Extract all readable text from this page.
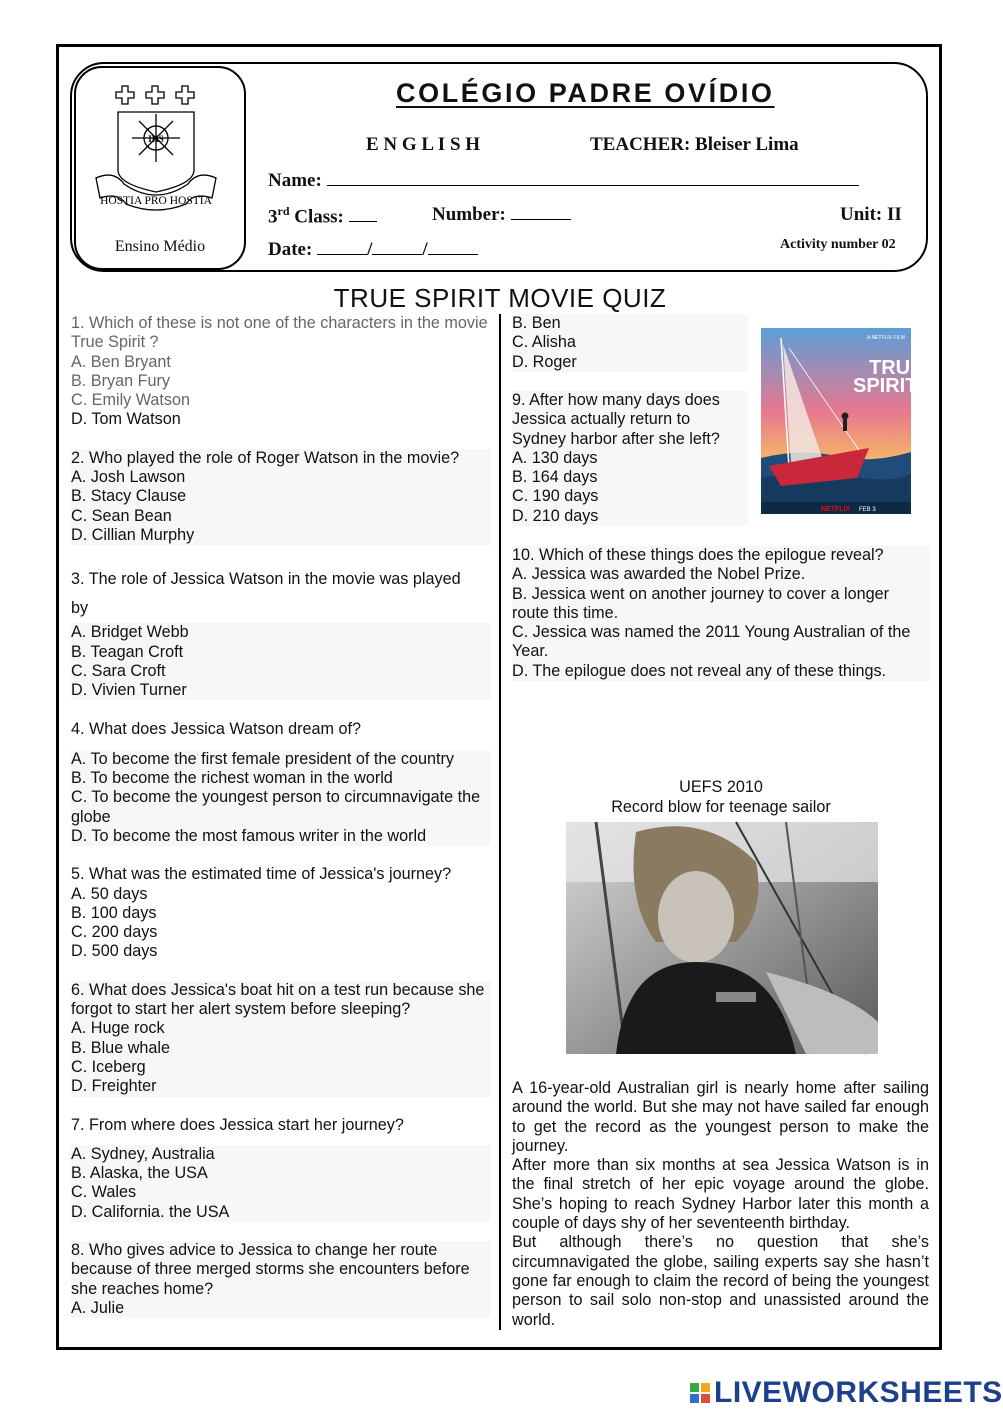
IHS
HOSTIA PRO HOSTIA
Ensino Médio
COLÉGIO PADRE OVÍDIO
E N G L I S H	TEACHER: Bleiser Lima
Name:
3rd Class:	Number:	Unit: II
Date:	/	/	Activity number 02
TRUE SPIRIT MOVIE QUIZ

1. Which of these is not one of the characters in the movie True Spirit ?

A. Ben Bryant

B. Bryan Fury

C. Emily Watson

D. Tom Watson

2. Who played the role of Roger Watson in the movie?

A. Josh Lawson

B. Stacy Clause

C. Sean Bean

D. Cillian Murphy

3. The role of Jessica Watson in the movie was played

by

A. Bridget Webb

B. Teagan Croft

C. Sara Croft

D. Vivien Turner

4. What does Jessica Watson dream of?

A. To become the first female president of the country

B. To become the richest woman in the world

C. To become the youngest person to circumnavigate the globe

D. To become the most famous writer in the world

5. What was the estimated time of Jessica's journey?

A. 50 days

B. 100 days

C. 200 days

D. 500 days

6. What does Jessica's boat hit on a test run because she forgot to start her alert system before sleeping?

A. Huge rock

B. Blue whale

C. Iceberg

D. Freighter

7. From where does Jessica start her journey?

A. Sydney, Australia

B. Alaska, the USA

C. Wales

D. California. the USA

8. Who gives advice to Jessica to change her route because of three merged storms she encounters before she reaches home?

A. Julie

B. Ben

C. Alisha

D. Roger

9. After how many days does Jessica actually return to Sydney harbor after she left?

A. 130 days

B. 164 days

C. 190 days

D. 210 days

10. Which of these things does the epilogue reveal?

A. Jessica was awarded the Nobel Prize.

B. Jessica went on another journey to cover a longer route this time.

C. Jessica was named the 2011 Young Australian of the Year.

D. The epilogue does not reveal any of these things.

A NETFLIX FILM
TRUE
SPIRIT
NETFLIX FEB 3
UEFS 2010
Record blow for teenage sailor

A 16-year-old Australian girl is nearly home after sailing around the world. But she may not have sailed far enough to get the record as the youngest person to make the journey.

After more than six months at sea Jessica Watson is in the final stretch of her epic voyage around the globe. She’s hoping to reach Sydney Harbor later this month a couple of days shy of her seventeenth birthday.

But although there’s no question that she’s circumnavigated the globe, sailing experts say she hasn’t gone far enough to claim the record of being the youngest person to sail solo non-stop and unassisted around the world.

LIVEWORKSHEETS
